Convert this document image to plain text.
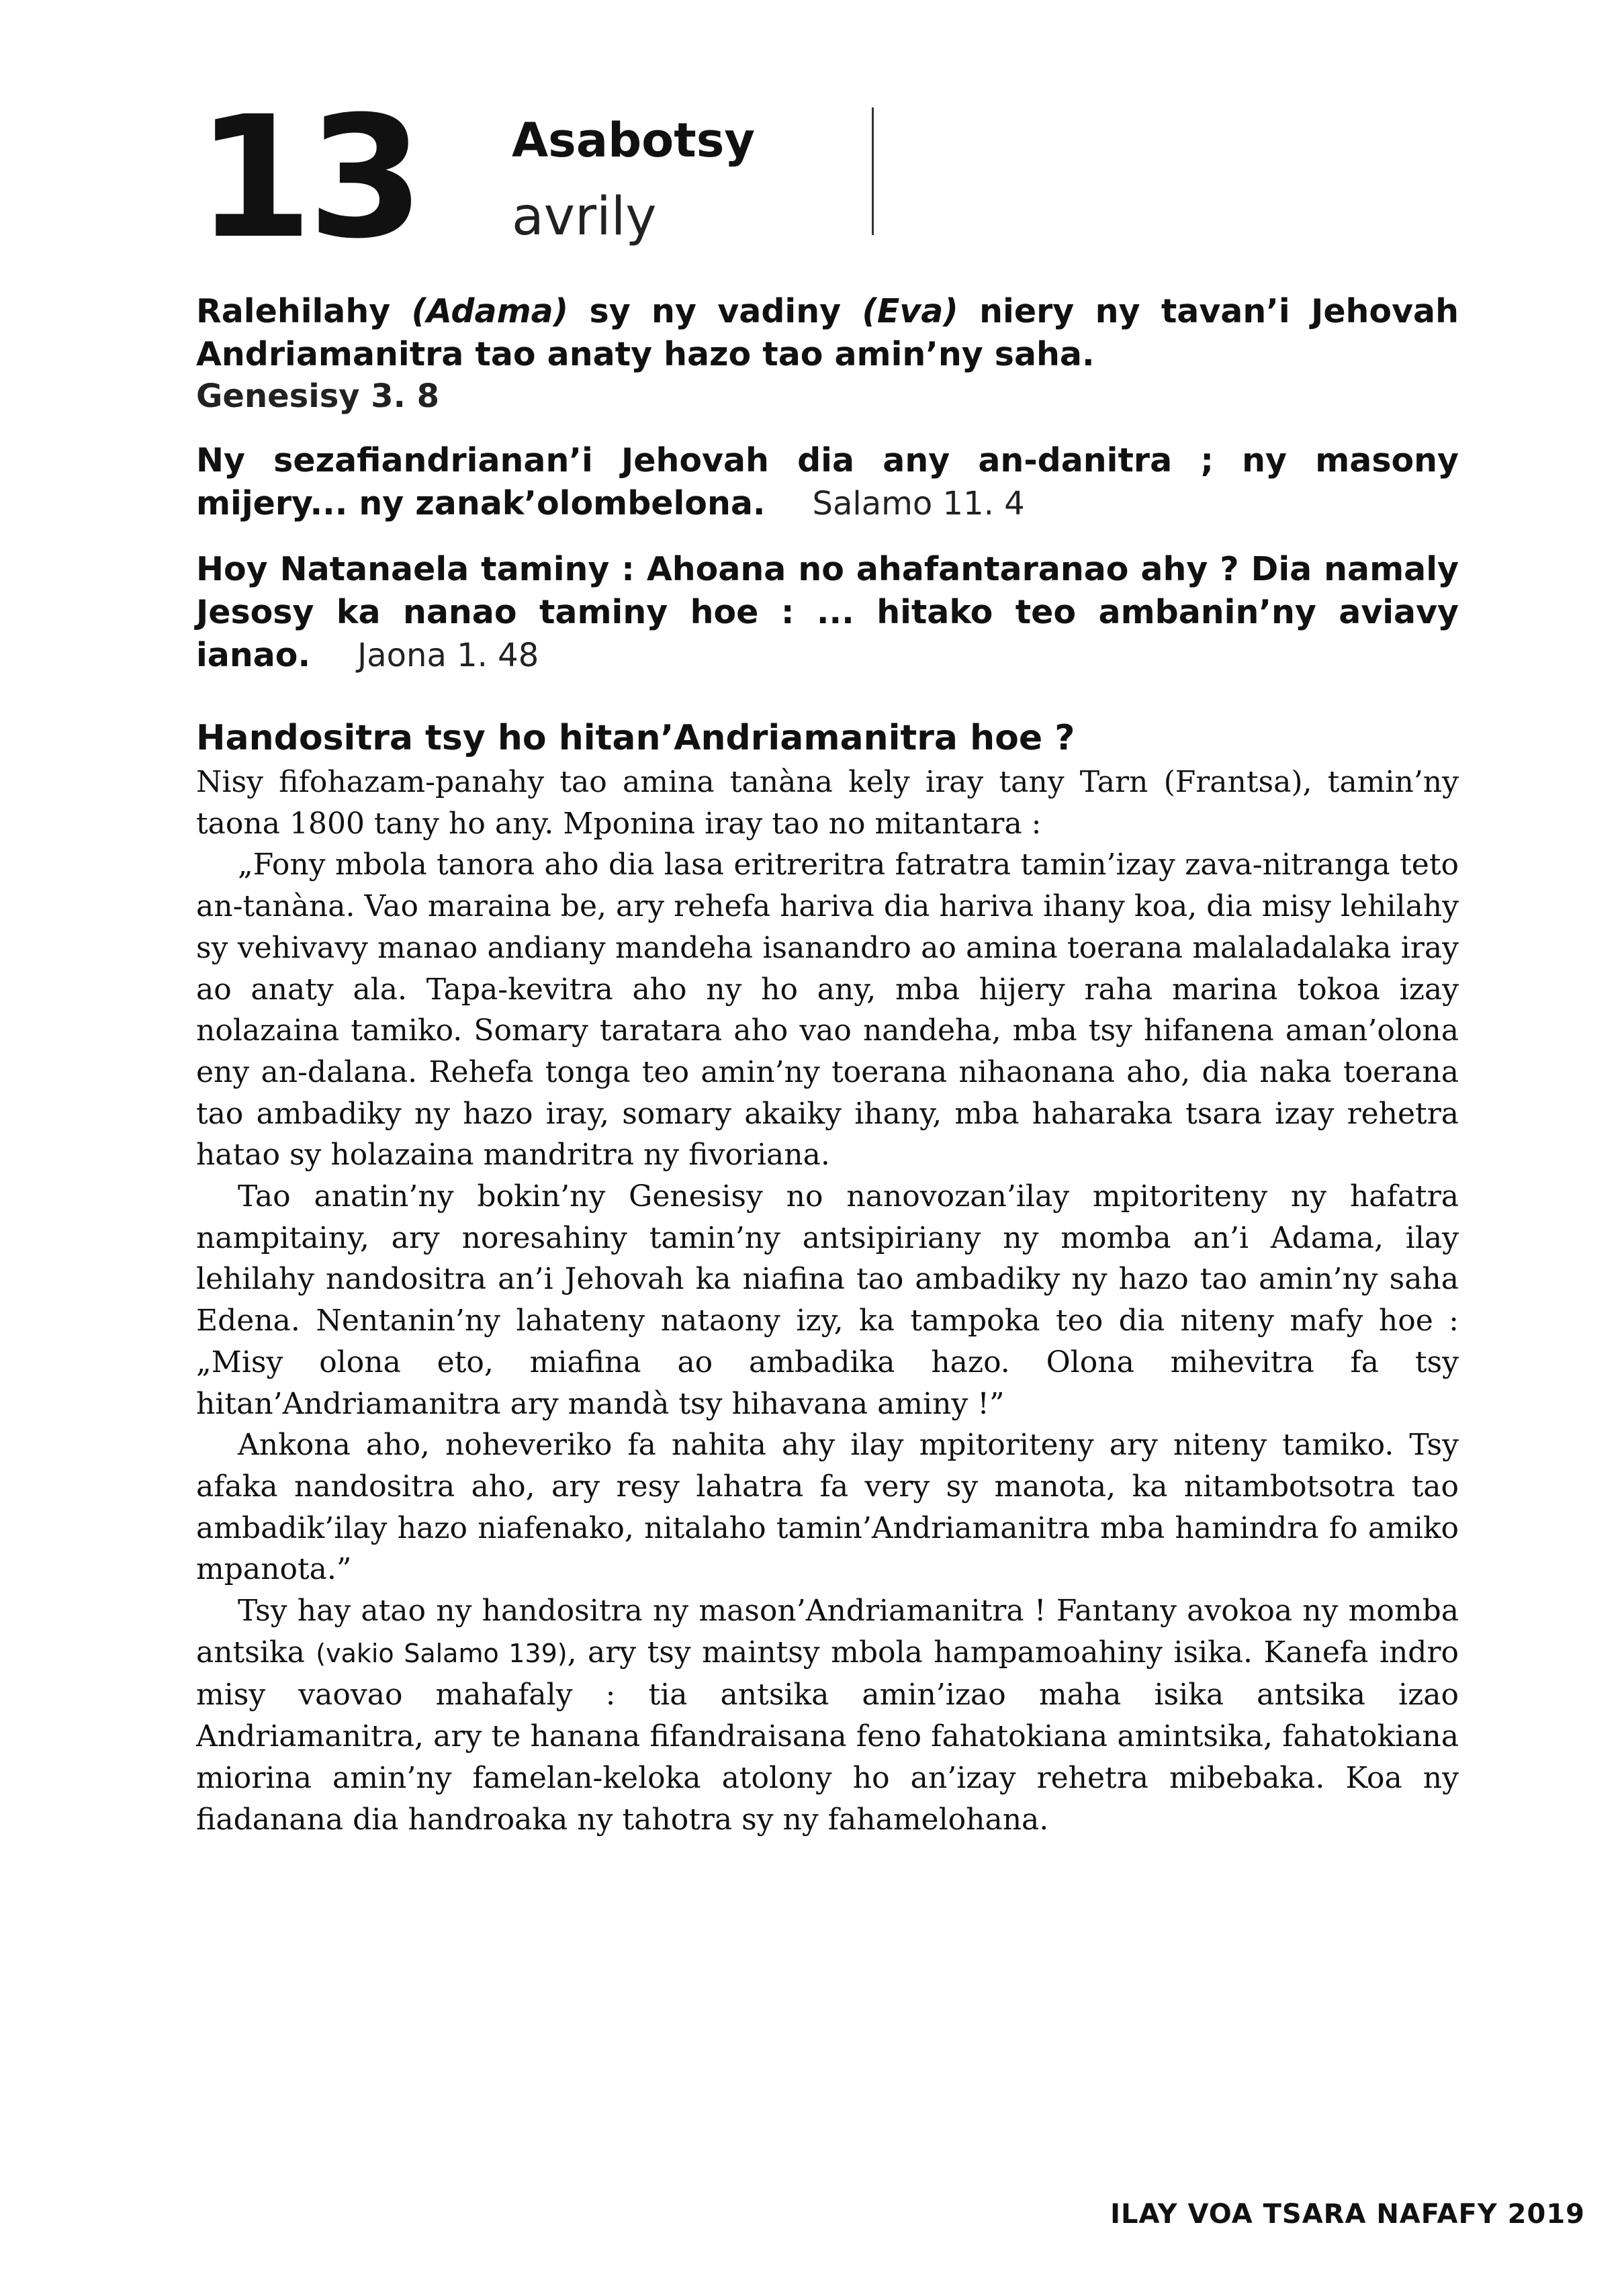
13 Asabotsy
avrily
Ralehilahy (Adama) sy ny vadiny (Eva) niery ny tavan’i Jehovah Andriamanitra tao anaty hazo tao amin’ny saha.
Genesisy 3. 8
Ny sezafiandrianan’i Jehovah dia any an-danitra ; ny masony mijery... ny zanak’olombelona. Salamo 11. 4
Hoy Natanaela taminy : Ahoana no ahafantaranao ahy ? Dia namaly Jesosy ka nanao taminy hoe : ... hitako teo ambanin’ny aviavy ianao. Jaona 1. 48
Handositra tsy ho hitan’Andriamanitra hoe ?

Nisy fifohazam-panahy tao amina tanàna kely iray tany Tarn (Frantsa), tamin’ny taona 1800 tany ho any. Mponina iray tao no mitantara :

„Fony mbola tanora aho dia lasa eritreritra fatratra tamin’izay zava-nitranga teto an-tanàna. Vao maraina be, ary rehefa hariva dia hariva ihany koa, dia misy lehilahy sy vehivavy manao andiany mandeha isanandro ao amina toerana malaladalaka iray ao anaty ala. Tapa-kevitra aho ny ho any, mba hijery raha marina tokoa izay nolazaina tamiko. Somary taratara aho vao nandeha, mba tsy hifanena aman’olona eny an-dalana. Rehefa tonga teo amin’ny toerana nihaonana aho, dia naka toerana tao ambadiky ny hazo iray, somary akaiky ihany, mba haharaka tsara izay rehetra hatao sy holazaina mandritra ny fivoriana.

Tao anatin’ny bokin’ny Genesisy no nanovozan’ilay mpitoriteny ny hafatra nampitainy, ary noresahiny tamin’ny antsipiriany ny momba an’i Adama, ilay lehilahy nandositra an’i Jehovah ka niafina tao ambadiky ny hazo tao amin’ny saha Edena. Nentanin’ny lahateny nataony izy, ka tampoka teo dia niteny mafy hoe : „Misy olona eto, miafina ao ambadika hazo. Olona mihevitra fa tsy hitan’Andriamanitra ary mandà tsy hihavana aminy !”

Ankona aho, noheveriko fa nahita ahy ilay mpitoriteny ary niteny tamiko. Tsy afaka nandositra aho, ary resy lahatra fa very sy manota, ka nitambotsotra tao ambadik’ilay hazo niafenako, nitalaho tamin’Andriamanitra mba hamindra fo amiko mpanota.”

Tsy hay atao ny handositra ny mason’Andriamanitra ! Fantany avokoa ny momba antsika (vakio Salamo 139), ary tsy maintsy mbola hampamoahiny isika. Kanefa indro misy vaovao mahafaly : tia antsika amin’izao maha isika antsika izao Andriamanitra, ary te hanana fifandraisana feno fahatokiana amintsika, fahatokiana miorina amin’ny famelan-keloka atolony ho an’izay rehetra mibebaka. Koa ny fiadanana dia handroaka ny tahotra sy ny fahamelohana.

ILAY VOA TSARA NAFAFY 2019
